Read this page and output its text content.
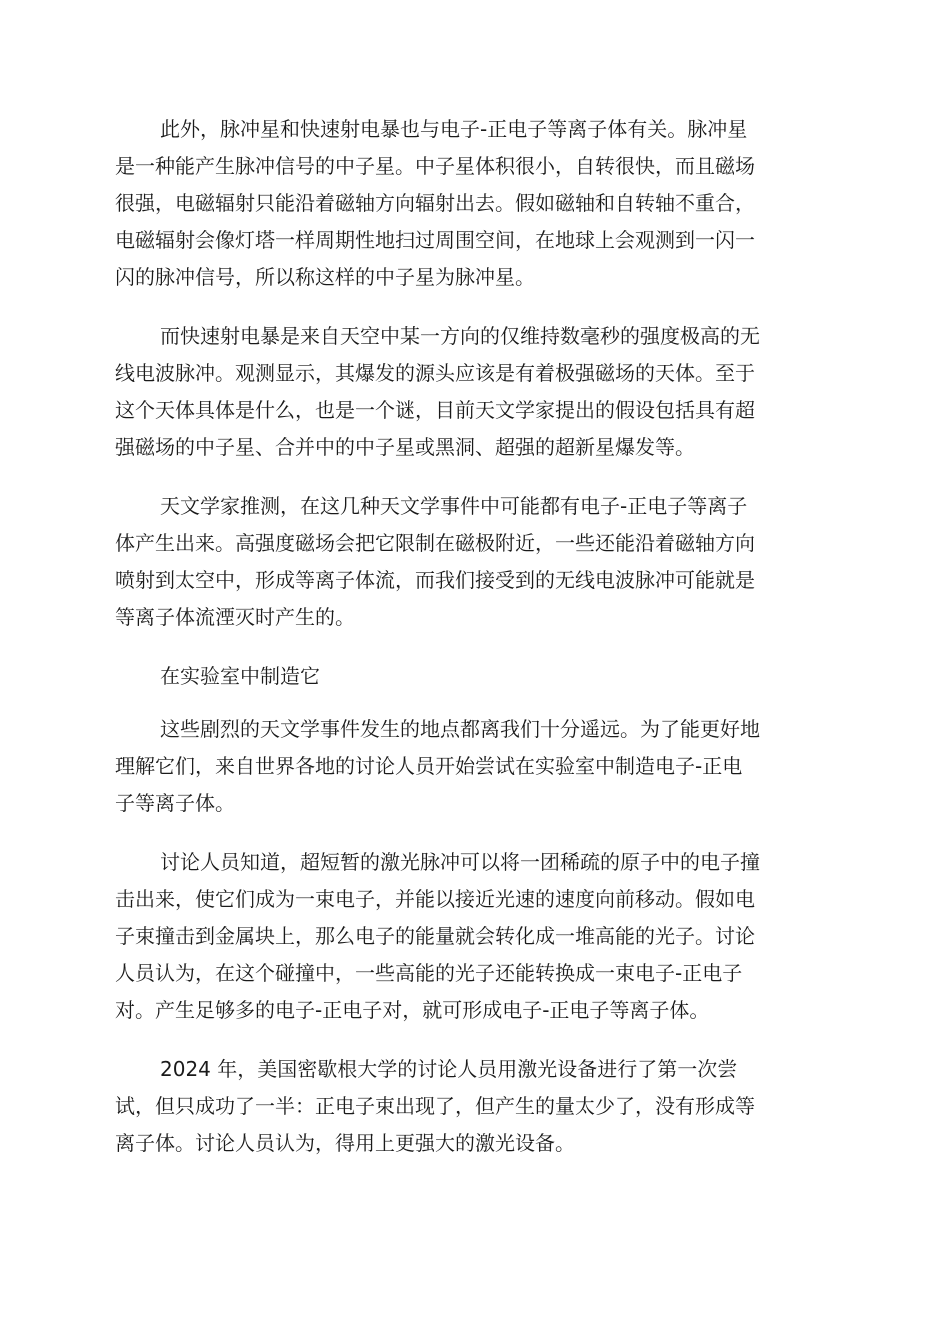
此外，脉冲星和快速射电暴也与电子-正电子等离子体有关。脉冲星
是一种能产生脉冲信号的中子星。中子星体积很小，自转很快，而且磁场
很强，电磁辐射只能沿着磁轴方向辐射出去。假如磁轴和自转轴不重合，
电磁辐射会像灯塔一样周期性地扫过周围空间，在地球上会观测到一闪一
闪的脉冲信号，所以称这样的中子星为脉冲星。
而快速射电暴是来自天空中某一方向的仅维持数毫秒的强度极高的无
线电波脉冲。观测显示，其爆发的源头应该是有着极强磁场的天体。至于
这个天体具体是什么，也是一个谜，目前天文学家提出的假设包括具有超
强磁场的中子星、合并中的中子星或黑洞、超强的超新星爆发等。
天文学家推测，在这几种天文学事件中可能都有电子-正电子等离子
体产生出来。高强度磁场会把它限制在磁极附近，一些还能沿着磁轴方向
喷射到太空中，形成等离子体流，而我们接受到的无线电波脉冲可能就是
等离子体流湮灭时产生的。
在实验室中制造它
这些剧烈的天文学事件发生的地点都离我们十分遥远。为了能更好地
理解它们，来自世界各地的讨论人员开始尝试在实验室中制造电子-正电
子等离子体。
讨论人员知道，超短暂的激光脉冲可以将一团稀疏的原子中的电子撞
击出来，使它们成为一束电子，并能以接近光速的速度向前移动。假如电
子束撞击到金属块上，那么电子的能量就会转化成一堆高能的光子。讨论
人员认为，在这个碰撞中，一些高能的光子还能转换成一束电子-正电子
对。产生足够多的电子-正电子对，就可形成电子-正电子等离子体。
2024 年，美国密歇根大学的讨论人员用激光设备进行了第一次尝
试，但只成功了一半：正电子束出现了，但产生的量太少了，没有形成等
离子体。讨论人员认为，得用上更强大的激光设备。
